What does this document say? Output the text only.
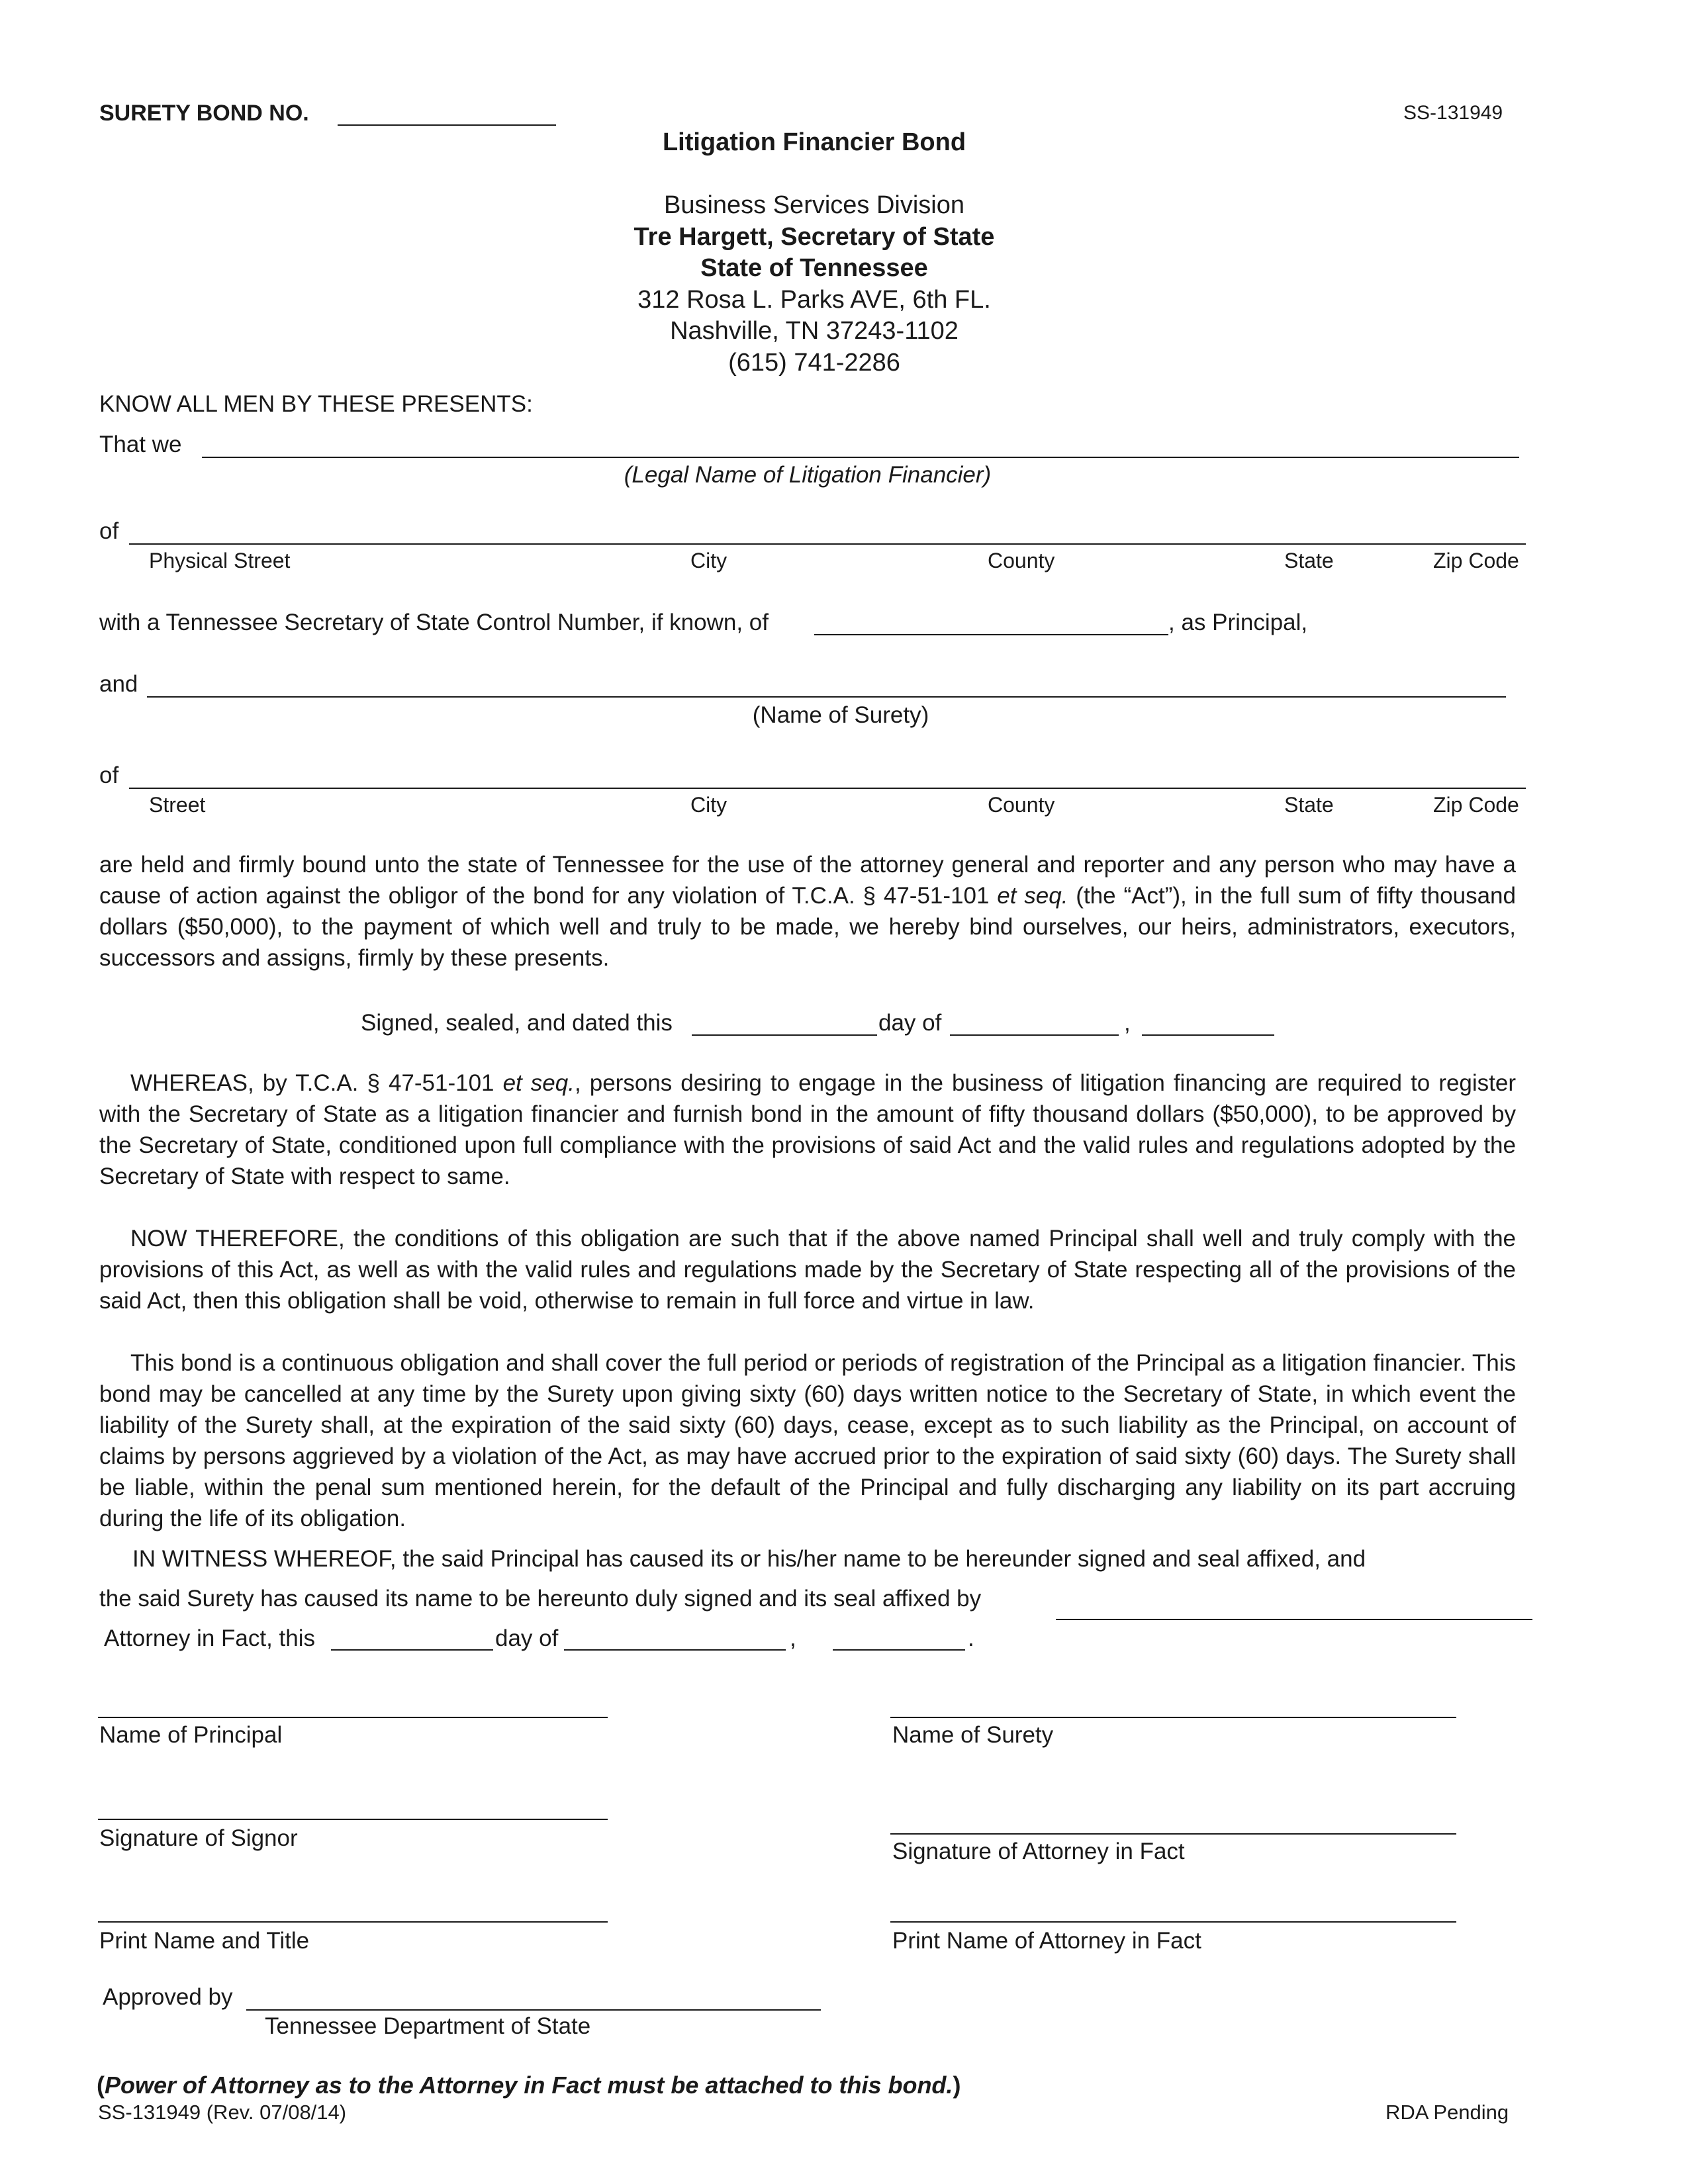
SURETY BOND NO.	SS-131949
Litigation Financier Bond
Business Services Division
Tre Hargett, Secretary of State
State of Tennessee
312 Rosa L. Parks AVE, 6th FL.
Nashville, TN 37243-1102
(615) 741-2286
KNOW ALL MEN BY THESE PRESENTS:
That we
(Legal Name of Litigation Financier)
of
Physical Street	City	County	State	Zip Code
with a Tennessee Secretary of State Control Number, if known, of	, as Principal,
and
(Name of Surety)
of
Street	City	County	State	Zip Code
are held and firmly bound unto the state of Tennessee for the use of the attorney general and reporter and any person who may have a cause of action against the obligor of the bond for any violation of T.C.A. § 47-51-101 et seq. (the “Act”), in the full sum of fifty thousand dollars ($50,000), to the payment of which well and truly to be made, we hereby bind ourselves, our heirs, administrators, executors, successors and assigns, firmly by these presents.
Signed, sealed, and dated this	day of	,
WHEREAS, by T.C.A. § 47-51-101 et seq., persons desiring to engage in the business of litigation financing are required to register with the Secretary of State as a litigation financier and furnish bond in the amount of fifty thousand dollars ($50,000), to be approved by the Secretary of State, conditioned upon full compliance with the provisions of said Act and the valid rules and regulations adopted by the Secretary of State with respect to same.
NOW THEREFORE, the conditions of this obligation are such that if the above named Principal shall well and truly comply with the provisions of this Act, as well as with the valid rules and regulations made by the Secretary of State respecting all of the provisions of the said Act, then this obligation shall be void, otherwise to remain in full force and virtue in law.
This bond is a continuous obligation and shall cover the full period or periods of registration of the Principal as a litigation financier. This bond may be cancelled at any time by the Surety upon giving sixty (60) days written notice to the Secretary of State, in which event the liability of the Surety shall, at the expiration of the said sixty (60) days, cease, except as to such liability as the Principal, on account of claims by persons aggrieved by a violation of the Act, as may have accrued prior to the expiration of said sixty (60) days. The Surety shall be liable, within the penal sum mentioned herein, for the default of the Principal and fully discharging any liability on its part accruing during the life of its obligation.
IN WITNESS WHEREOF, the said Principal has caused its or his/her name to be hereunder signed and seal affixed, and
the said Surety has caused its name to be hereunto duly signed and its seal affixed by
Attorney in Fact, this	day of	,	.
Name of Principal	Name of Surety
Signature of Signor
Signature of Attorney in Fact
Print Name and Title	Print Name of Attorney in Fact
Approved by
Tennessee Department of State
(Power of Attorney as to the Attorney in Fact must be attached to this bond.)
SS-131949 (Rev. 07/08/14)	RDA Pending
